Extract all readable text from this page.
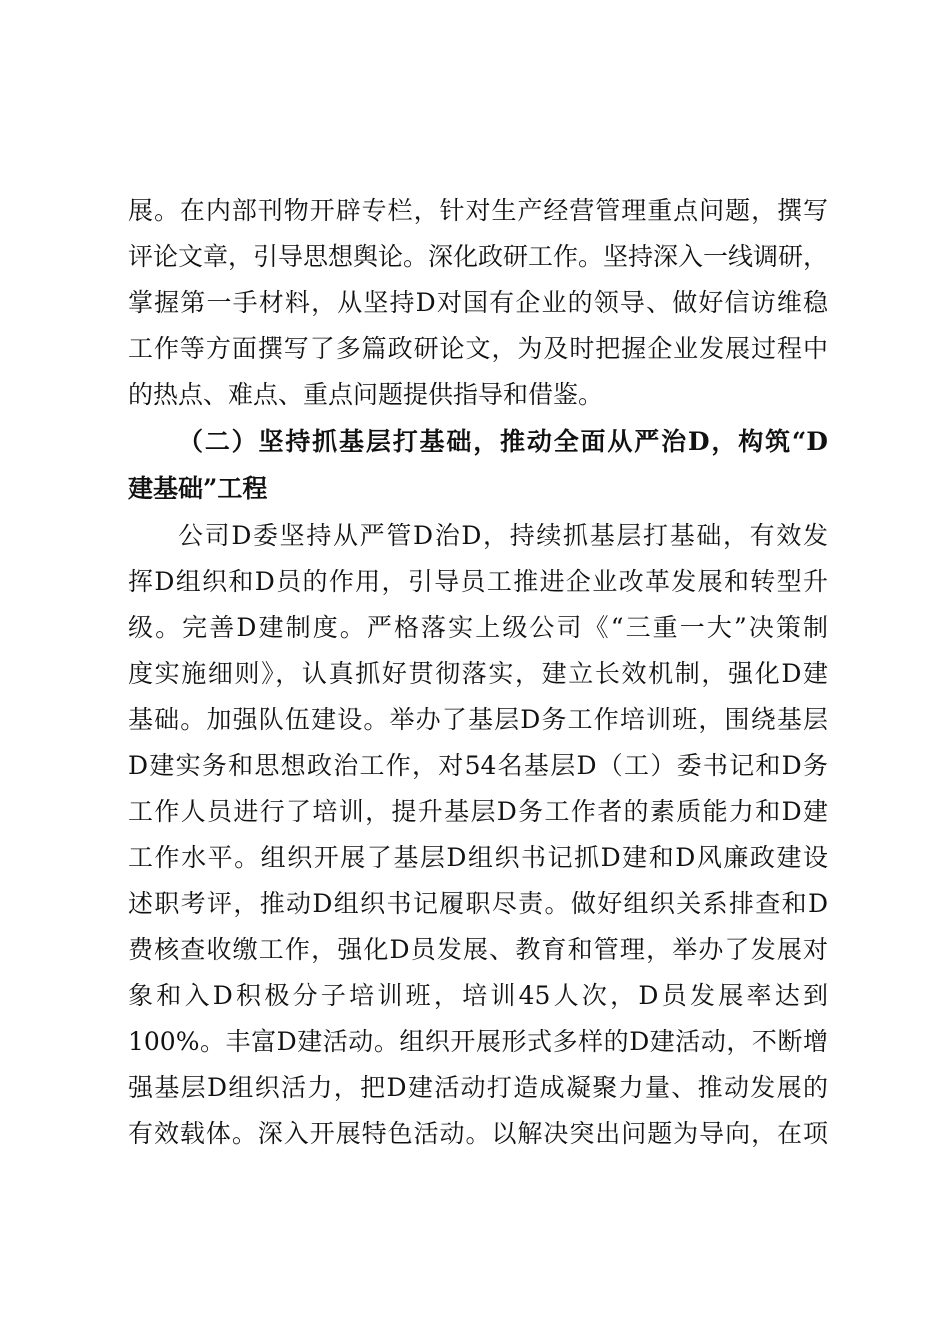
展。在内部刊物开辟专栏，针对生产经营管理重点问题，撰写
评论文章，引导思想舆论。深化政研工作。坚持深入一线调研，
掌握第一手材料，从坚持D对国有企业的领导、做好信访维稳
工作等方面撰写了多篇政研论文，为及时把握企业发展过程中
的热点、难点、重点问题提供指导和借鉴。
（二）坚持抓基层打基础，推动全面从严治D，构筑“D
建基础”工程
公司D委坚持从严管D治D，持续抓基层打基础，有效发
挥D组织和D员的作用，引导员工推进企业改革发展和转型升
级。完善D建制度。严格落实上级公司《“三重一大”决策制
度实施细则》，认真抓好贯彻落实，建立长效机制，强化D建
基础。加强队伍建设。举办了基层D务工作培训班，围绕基层
D建实务和思想政治工作，对54名基层D（工）委书记和D务
工作人员进行了培训，提升基层D务工作者的素质能力和D建
工作水平。组织开展了基层D组织书记抓D建和D风廉政建设
述职考评，推动D组织书记履职尽责。做好组织关系排查和D
费核查收缴工作，强化D员发展、教育和管理，举办了发展对
象和入D积极分子培训班，培训45人次，D员发展率达到
100%。丰富D建活动。组织开展形式多样的D建活动，不断增
强基层D组织活力，把D建活动打造成凝聚力量、推动发展的
有效载体。深入开展特色活动。以解决突出问题为导向，在项
